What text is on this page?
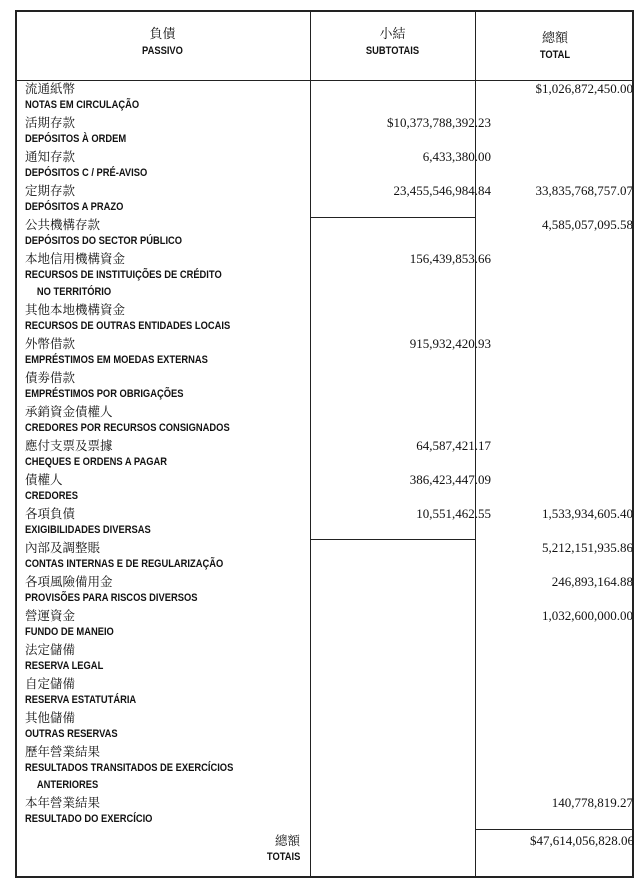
負債
PASSIVO
小結
SUBTOTAIS
總額
TOTAL
流通紙幣
NOTAS EM CIRCULAÇÃO
$1,026,872,450.00
活期存款
DEPÓSITOS À ORDEM
$10,373,788,392.23
通知存款
DEPÓSITOS C / PRÉ-AVISO
6,433,380.00
定期存款
DEPÓSITOS A PRAZO
23,455,546,984.84	33,835,768,757.07
公共機構存款
DEPÓSITOS DO SECTOR PÚBLICO
4,585,057,095.58
本地信用機構資金
RECURSOS DE INSTITUIÇÕES DE CRÉDITO
NO TERRITÓRIO
156,439,853.66
其他本地機構資金
RECURSOS DE OUTRAS ENTIDADES LOCAIS
外幣借款
EMPRÉSTIMOS EM MOEDAS EXTERNAS
915,932,420.93
債劵借款
EMPRÉSTIMOS POR OBRIGAÇÕES
承銷資金債權人
CREDORES POR RECURSOS CONSIGNADOS
應付支票及票據
CHEQUES E ORDENS A PAGAR
64,587,421.17
債權人
CREDORES
386,423,447.09
各項負債
EXIGIBILIDADES DIVERSAS
10,551,462.55	1,533,934,605.40
內部及調整賬
CONTAS INTERNAS E DE REGULARIZAÇÃO
5,212,151,935.86
各項風險備用金
PROVISÕES PARA RISCOS DIVERSOS
246,893,164.88
營運資金
FUNDO DE MANEIO
1,032,600,000.00
法定儲備
RESERVA LEGAL
自定儲備
RESERVA ESTATUTÁRIA
其他儲備
OUTRAS RESERVAS
歷年營業結果
RESULTADOS TRANSITADOS DE EXERCÍCIOS
ANTERIORES
本年營業結果
RESULTADO DO EXERCÍCIO
140,778,819.27
總額
TOTAIS
$47,614,056,828.06
